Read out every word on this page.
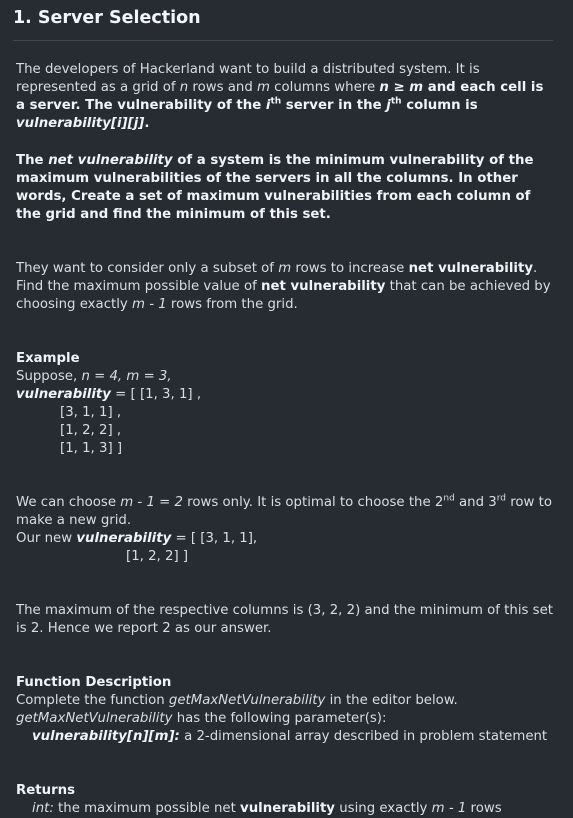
1. Server Selection

The developers of Hackerland want to build a distributed system. It is represented as a grid of n rows and m columns where n ≥ m and each cell is a server. The vulnerability of the $i^{th}$ server in the $j^{th}$ column is vulnerability[i][j].

The net vulnerability of a system is the minimum vulnerability of the maximum vulnerabilities of the servers in all the columns. In other words, Create a set of maximum vulnerabilities from each column of the grid and find the minimum of this set.

They want to consider only a subset of m rows to increase net vulnerability. Find the maximum possible value of net vulnerability that can be achieved by choosing exactly m - 1 rows from the grid.

Example

Suppose, n = 4, m = 3,

vulnerability = [ [1, 3, 1] ,

[3, 1, 1] ,

[1, 2, 2] ,

[1, 1, 3] ]

We can choose m - 1 = 2 rows only. It is optimal to choose the 2nd and 3rd row to make a new grid.

Our new vulnerability = [ [3, 1, 1],

[1, 2, 2] ]

The maximum of the respective columns is (3, 2, 2) and the minimum of this set is 2. Hence we report 2 as our answer.

Function Description

Complete the function getMaxNetVulnerability in the editor below.

getMaxNetVulnerability has the following parameter(s):

vulnerability[n][m]: a 2-dimensional array described in problem statement

Returns

int: the maximum possible net vulnerability using exactly m - 1 rows
